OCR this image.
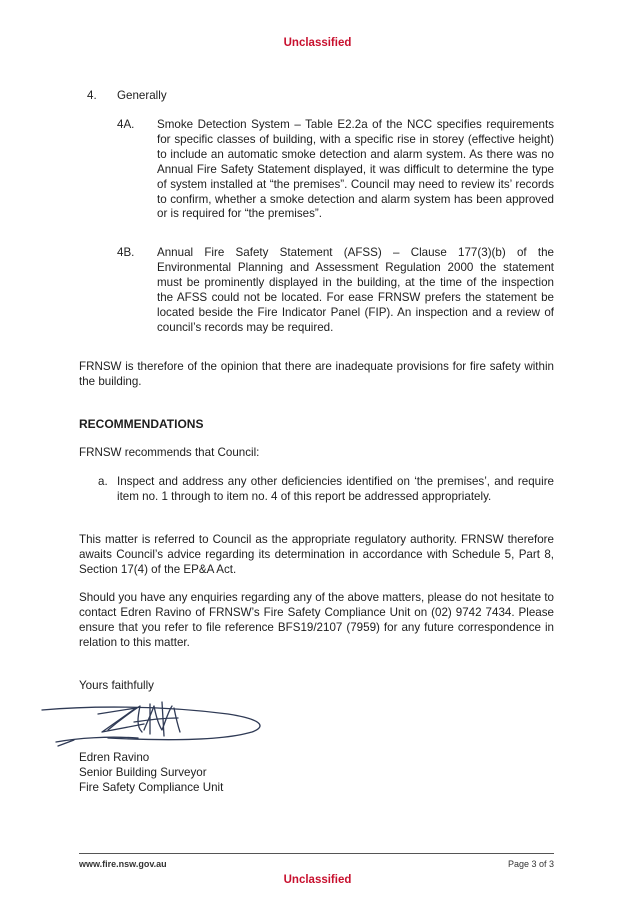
Unclassified

4. Generally

4A. Smoke Detection System – Table E2.2a of the NCC specifies requirements for specific classes of building, with a specific rise in storey (effective height) to include an automatic smoke detection and alarm system. As there was no Annual Fire Safety Statement displayed, it was difficult to determine the type of system installed at “the premises”. Council may need to review its’ records to confirm, whether a smoke detection and alarm system has been approved or is required for “the premises”.

4B. Annual Fire Safety Statement (AFSS) – Clause 177(3)(b) of the Environmental Planning and Assessment Regulation 2000 the statement must be prominently displayed in the building, at the time of the inspection the AFSS could not be located. For ease FRNSW prefers the statement be located beside the Fire Indicator Panel (FIP). An inspection and a review of council’s records may be required.

FRNSW is therefore of the opinion that there are inadequate provisions for fire safety within the building.

RECOMMENDATIONS

FRNSW recommends that Council:

a. Inspect and address any other deficiencies identified on ‘the premises’, and require item no. 1 through to item no. 4 of this report be addressed appropriately.

This matter is referred to Council as the appropriate regulatory authority. FRNSW therefore awaits Council’s advice regarding its determination in accordance with Schedule 5, Part 8, Section 17(4) of the EP&A Act.

Should you have any enquiries regarding any of the above matters, please do not hesitate to contact Edren Ravino of FRNSW’s Fire Safety Compliance Unit on (02) 9742 7434. Please ensure that you refer to file reference BFS19/2107 (7959) for any future correspondence in relation to this matter.

Yours faithfully

Edren Ravino

Senior Building Surveyor

Fire Safety Compliance Unit

www.fire.nsw.gov.au	Page 3 of 3

Unclassified
